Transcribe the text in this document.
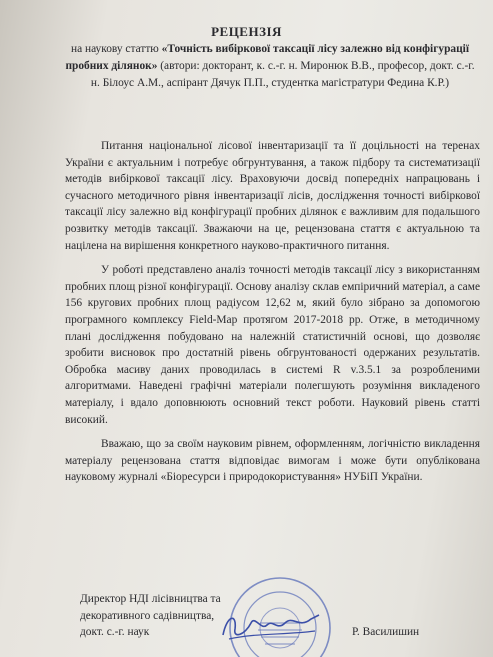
РЕЦЕНЗІЯ
на наукову статтю «Точність вибіркової таксації лісу залежно від конфігурації пробних ділянок» (автори: докторант, к. с.-г. н. Миронюк В.В., професор, докт. с.-г. н. Білоус А.М., аспірант Дячук П.П., студентка магістратури Федина К.Р.)

Питання національної лісової інвентаризації та її доцільності на теренах України є актуальним і потребує обгрунтування, а також підбору та систематизації методів вибіркової таксації лісу. Враховуючи досвід попередніх напрацювань і сучасного методичного рівня інвентаризації лісів, дослідження точності вибіркової таксації лісу залежно від конфігурації пробних ділянок є важливим для подальшого розвитку методів таксації. Зважаючи на це, рецензована стаття є актуальною та націлена на вирішення конкретного науково-практичного питання.

У роботі представлено аналіз точності методів таксації лісу з використанням пробних площ різної конфігурації. Основу аналізу склав емпіричний матеріал, а саме 156 кругових пробних площ радіусом 12,62 м, який було зібрано за допомогою програмного комплексу Field-Map протягом 2017-2018 рр. Отже, в методичному плані дослідження побудовано на належній статистичній основі, що дозволяє зробити висновок про достатній рівень обгрунтованості одержаних результатів. Обробка масиву даних проводилась в системі R v.3.5.1 за розробленими алгоритмами. Наведені графічні матеріали полегшують розуміння викладеного матеріалу, і вдало доповнюють основний текст роботи. Науковий рівень статті високий.

Вважаю, що за своїм науковим рівнем, оформленням, логічністю викладення матеріалу рецензована стаття відповідає вимогам і може бути опублікована науковому журналі «Біоресурси і природокористування» НУБіП України.

Директор НДІ лісівництва та
декоративного садівництва,
докт. с.-г. наук	Р. Василишин
